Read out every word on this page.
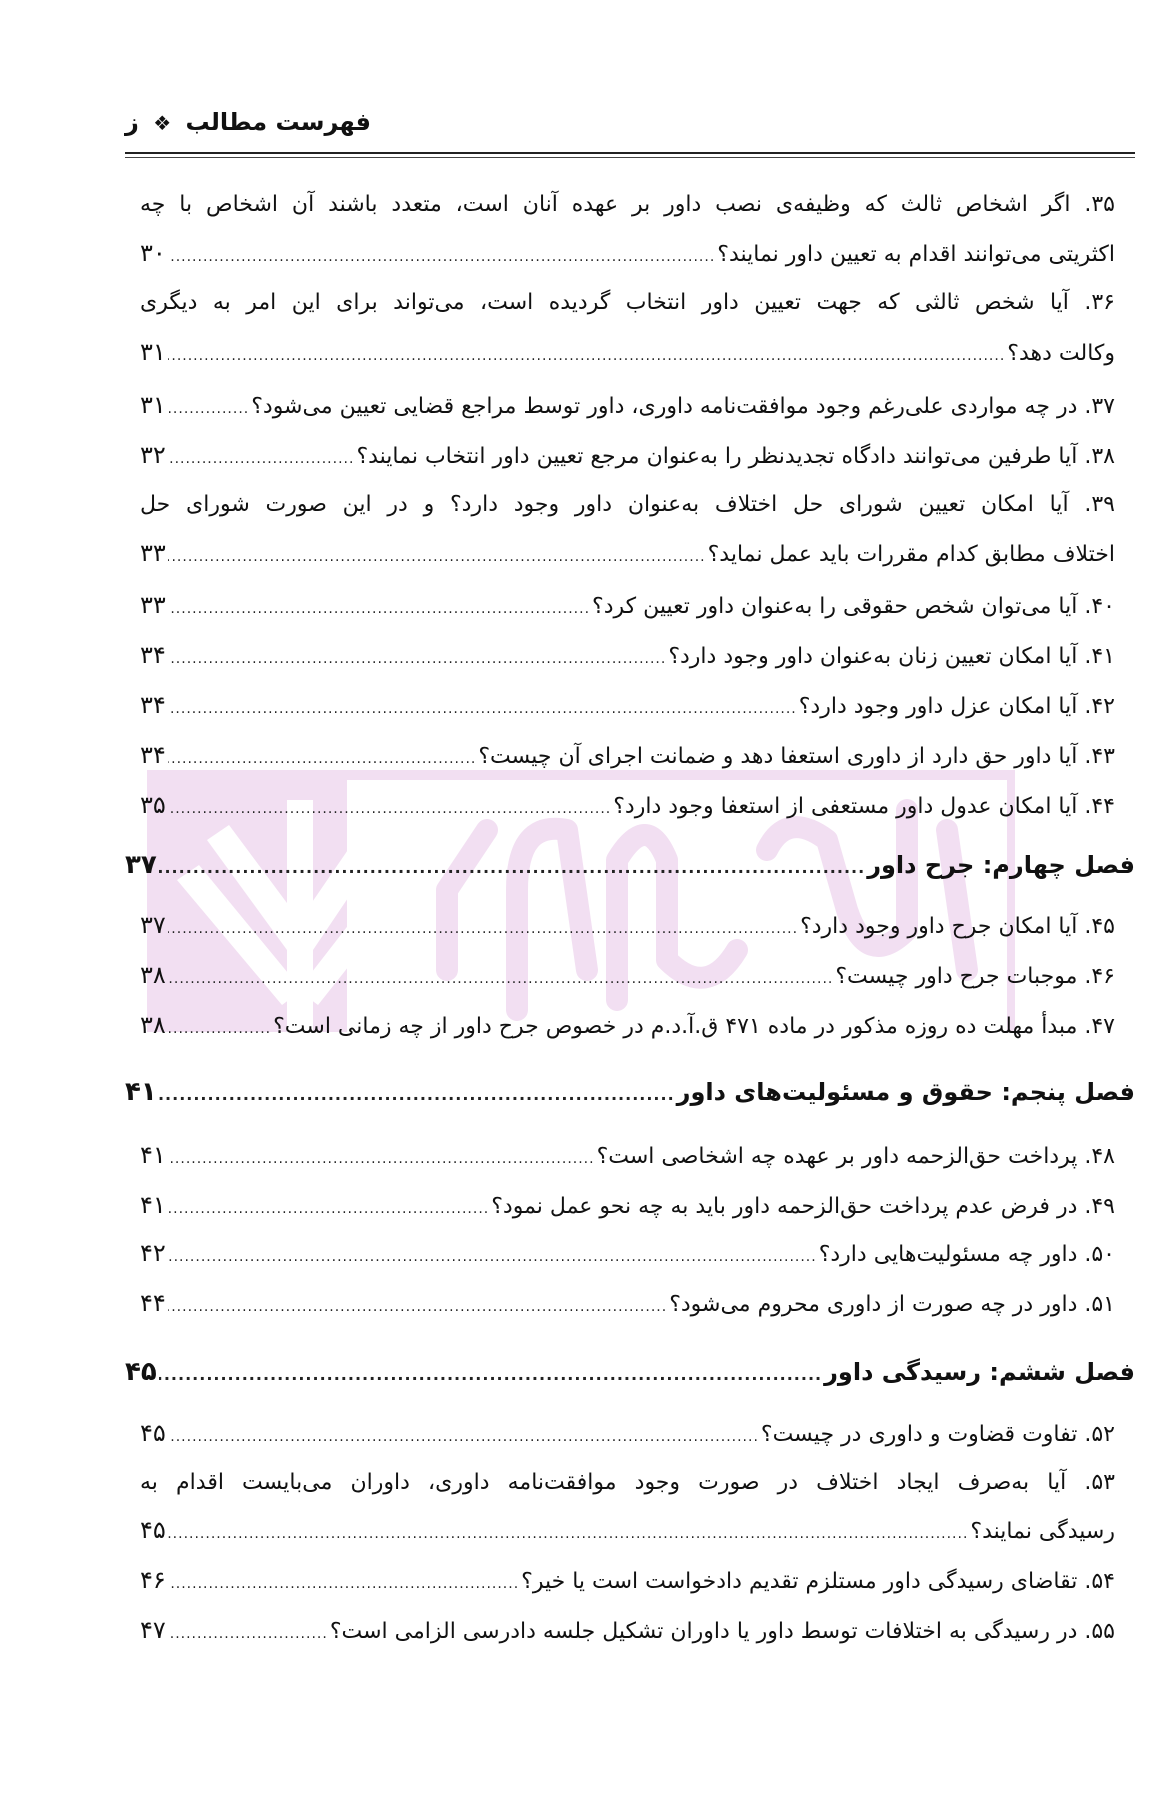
فهرست مطالب ❖ ز
۳۵. اگر اشخاص ثالث که وظیفه‌ی نصب داور بر عهده آنان است، متعدد باشند آن اشخاص با چه
اکثریتی می‌توانند اقدام به تعیین داور نمایند؟
.....
۳۰
۳۶. آیا شخص ثالثی که جهت تعیین داور انتخاب گردیده است، می‌تواند برای این امر به دیگری
وکالت دهد؟
.....
۳۱
۳۷. در چه مواردی علی‌رغم وجود موافقت‌نامه داوری، داور توسط مراجع قضایی تعیین می‌شود؟
.....
۳۱
۳۸. آیا طرفین می‌توانند دادگاه تجدیدنظر را به‌عنوان مرجع تعیین داور انتخاب نمایند؟
.....
۳۲
۳۹. آیا امکان تعیین شورای حل اختلاف به‌عنوان داور وجود دارد؟ و در این صورت شورای حل
اختلاف مطابق کدام مقررات باید عمل نماید؟
.....
۳۳
۴۰. آیا می‌توان شخص حقوقی را به‌عنوان داور تعیین کرد؟
.....
۳۳
۴۱. آیا امکان تعیین زنان به‌عنوان داور وجود دارد؟
.....
۳۴
۴۲. آیا امکان عزل داور وجود دارد؟
.....
۳۴
۴۳. آیا داور حق دارد از داوری استعفا دهد و ضمانت اجرای آن چیست؟
.....
۳۴
۴۴. آیا امکان عدول داور مستعفی از استعفا وجود دارد؟
.....
۳۵
فصل چهارم: جرح داور
.....
۳۷
۴۵. آیا امکان جرح داور وجود دارد؟
.....
۳۷
۴۶. موجبات جرح داور چیست؟
.....
۳۸
۴۷. مبدأ مهلت ده روزه مذکور در ماده ۴۷۱ ق.آ.د.م در خصوص جرح داور از چه زمانی است؟
.....
۳۸
فصل پنجم: حقوق و مسئولیت‌های داور
.....
۴۱
۴۸. پرداخت حق‌الزحمه داور بر عهده چه اشخاصی است؟
.....
۴۱
۴۹. در فرض عدم پرداخت حق‌الزحمه داور باید به چه نحو عمل نمود؟
.....
۴۱
۵۰. داور چه مسئولیت‌هایی دارد؟
.....
۴۲
۵۱. داور در چه صورت از داوری محروم می‌شود؟
.....
۴۴
فصل ششم: رسیدگی داور
.....
۴۵
۵۲. تفاوت قضاوت و داوری در چیست؟
.....
۴۵
۵۳. آیا به‌صرف ایجاد اختلاف در صورت وجود موافقت‌نامه داوری، داوران می‌بایست اقدام به
رسیدگی نمایند؟
.....
۴۵
۵۴. تقاضای رسیدگی داور مستلزم تقدیم دادخواست است یا خیر؟
.....
۴۶
۵۵. در رسیدگی به اختلافات توسط داور یا داوران تشکیل جلسه دادرسی الزامی است؟
.....
۴۷
